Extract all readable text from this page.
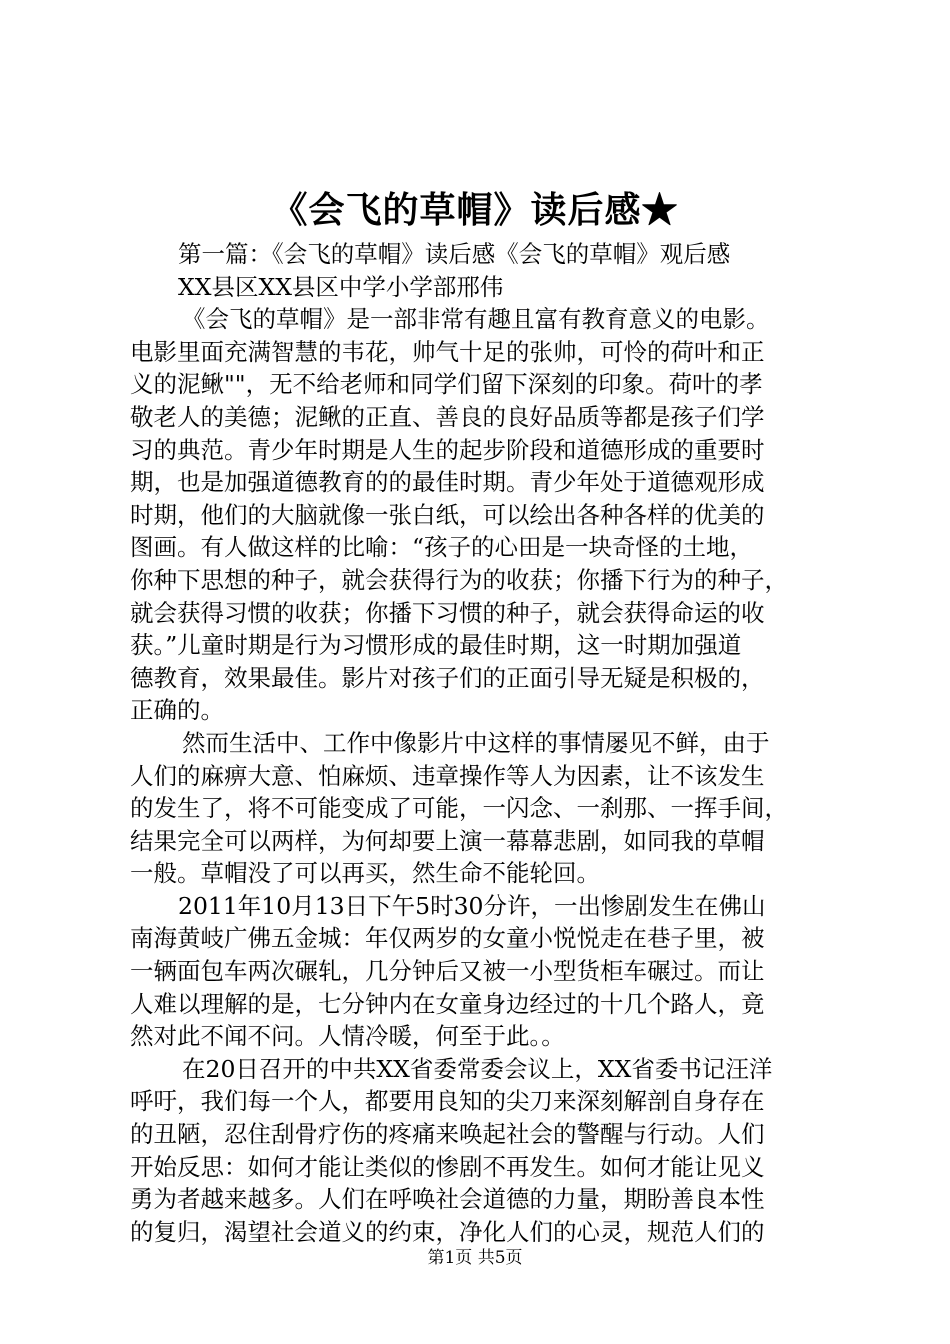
《会飞的草帽》读后感★

第一篇：《会飞的草帽》读后感《会飞的草帽》观后感

XX县区XX县区中学小学部邢伟

《会飞的草帽》是一部非常有趣且富有教育意义的电影。

电影里面充满智慧的韦花，帅气十足的张帅，可怜的荷叶和正

义的泥鳅""，无不给老师和同学们留下深刻的印象。荷叶的孝

敬老人的美德；泥鳅的正直、善良的良好品质等都是孩子们学

习的典范。青少年时期是人生的起步阶段和道德形成的重要时

期，也是加强道德教育的的最佳时期。青少年处于道德观形成

时期，他们的大脑就像一张白纸，可以绘出各种各样的优美的

图画。有人做这样的比喻：“孩子的心田是一块奇怪的土地，

你种下思想的种子，就会获得行为的收获；你播下行为的种子，

就会获得习惯的收获；你播下习惯的种子，就会获得命运的收

获。”儿童时期是行为习惯形成的最佳时期，这一时期加强道

德教育，效果最佳。影片对孩子们的正面引导无疑是积极的，

正确的。

然而生活中、工作中像影片中这样的事情屡见不鲜，由于

人们的麻痹大意、怕麻烦、违章操作等人为因素，让不该发生

的发生了，将不可能变成了可能，一闪念、一刹那、一挥手间，

结果完全可以两样，为何却要上演一幕幕悲剧，如同我的草帽

一般。草帽没了可以再买，然生命不能轮回。

2011年10月13日下午5时30分许，一出惨剧发生在佛山

南海黄岐广佛五金城：年仅两岁的女童小悦悦走在巷子里，被

一辆面包车两次碾轧，几分钟后又被一小型货柜车碾过。而让

人难以理解的是，七分钟内在女童身边经过的十几个路人，竟

然对此不闻不问。人情冷暖，何至于此。。

在20日召开的中共XX省委常委会议上，XX省委书记汪洋

呼吁，我们每一个人，都要用良知的尖刀来深刻解剖自身存在

的丑陋，忍住刮骨疗伤的疼痛来唤起社会的警醒与行动。人们

开始反思：如何才能让类似的惨剧不再发生。如何才能让见义

勇为者越来越多。人们在呼唤社会道德的力量，期盼善良本性

的复归，渴望社会道义的约束，净化人们的心灵，规范人们的

第1页 共5页
